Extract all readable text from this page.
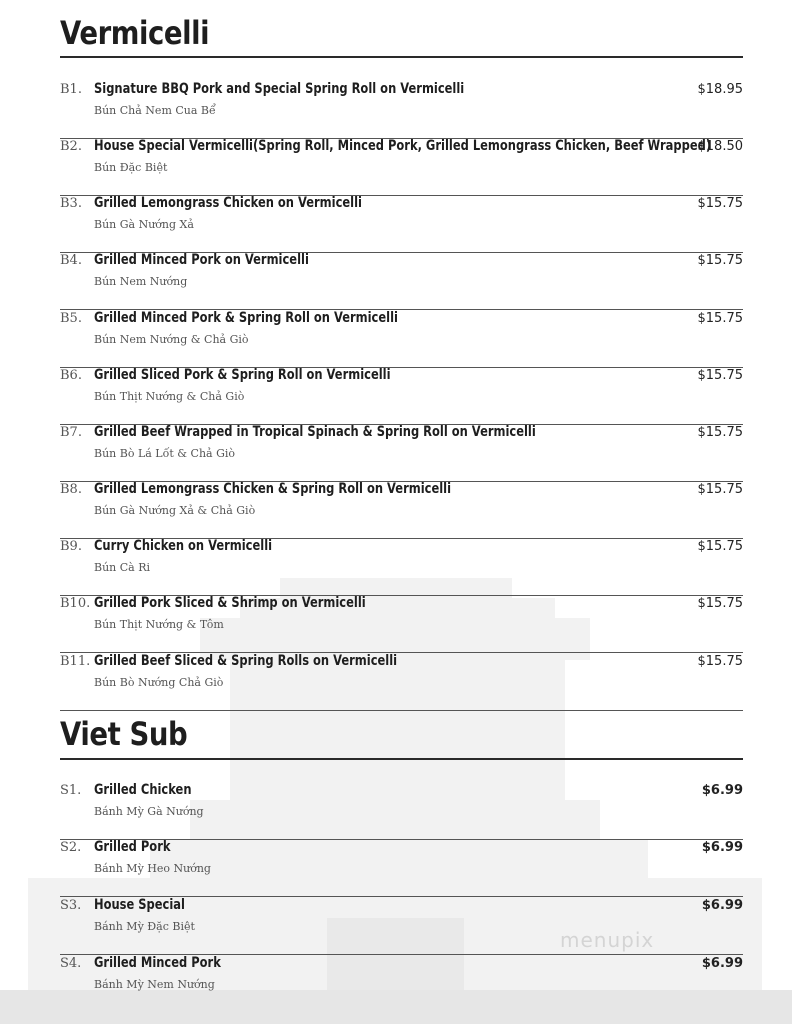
menupix
Vermicelli
B1. Signature BBQ Pork and Special Spring Roll on Vermicelli
Bún Chả Nem Cua Bể
$18.95
B2. House Special Vermicelli(Spring Roll, Minced Pork, Grilled Lemongrass Chicken, Beef Wrapped)
Bún Đặc Biệt
$18.50
B3. Grilled Lemongrass Chicken on Vermicelli
Bún Gà Nướng Xả
$15.75
B4. Grilled Minced Pork on Vermicelli
Bún Nem Nướng
$15.75
B5. Grilled Minced Pork & Spring Roll on Vermicelli
Bún Nem Nướng & Chả Giò
$15.75
B6. Grilled Sliced Pork & Spring Roll on Vermicelli
Bún Thịt Nướng & Chả Giò
$15.75
B7. Grilled Beef Wrapped in Tropical Spinach & Spring Roll on Vermicelli
Bún Bò Lá Lốt & Chả Giò
$15.75
B8. Grilled Lemongrass Chicken & Spring Roll on Vermicelli
Bún Gà Nướng Xả & Chả Giò
$15.75
B9. Curry Chicken on Vermicelli
Bún Cà Ri
$15.75
B10. Grilled Pork Sliced & Shrimp on Vermicelli
Bún Thịt Nướng & Tôm
$15.75
B11. Grilled Beef Sliced & Spring Rolls on Vermicelli
Bún Bò Nướng Chả Giò
$15.75
Viet Sub
S1. Grilled Chicken
Bánh Mỳ Gà Nướng
$6.99
S2. Grilled Pork
Bánh Mỳ Heo Nướng
$6.99
S3. House Special
Bánh Mỳ Đặc Biệt
$6.99
S4. Grilled Minced Pork
Bánh Mỳ Nem Nướng
$6.99
